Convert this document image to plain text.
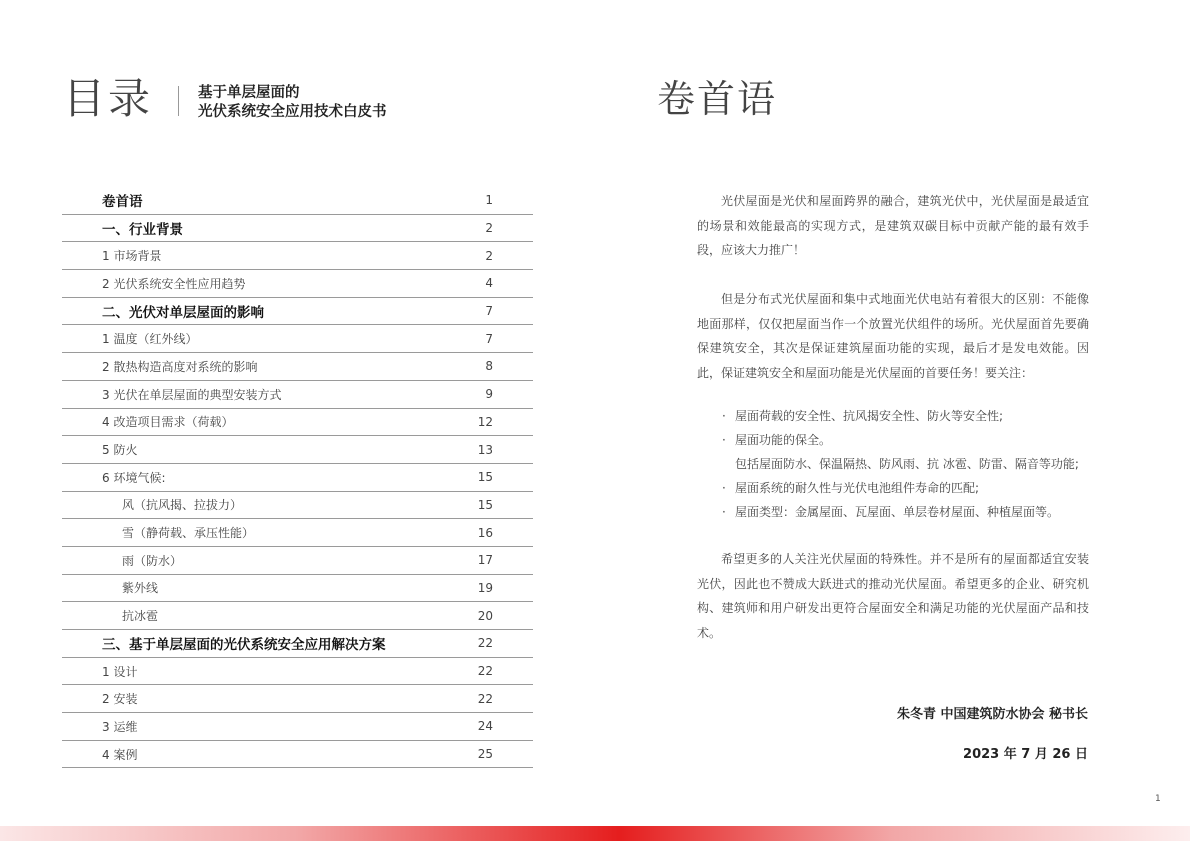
目录	基于单层屋面的
光伏系统安全应用技术白皮书
卷首语	1
一、行业背景	2
1 市场背景	2
2 光伏系统安全性应用趋势	4
二、光伏对单层屋面的影响	7
1 温度（红外线）	7
2 散热构造高度对系统的影响	8
3 光伏在单层屋面的典型安装方式	9
4 改造项目需求（荷载）	12
5 防火	13
6 环境气候:	15
风（抗风揭、拉拔力）	15
雪（静荷载、承压性能）	16
雨（防水）	17
紫外线	19
抗冰雹	20
三、基于单层屋面的光伏系统安全应用解决方案	22
1 设计	22
2 安装	22
3 运维	24
4 案例	25
卷首语

光伏屋面是光伏和屋面跨界的融合，建筑光伏中，光伏屋面是最适宜的场景和效能最高的实现方式，是建筑双碳目标中贡献产能的最有效手段，应该大力推广！

但是分布式光伏屋面和集中式地面光伏电站有着很大的区别：不能像地面那样，仅仅把屋面当作一个放置光伏组件的场所。光伏屋面首先要确保建筑安全，其次是保证建筑屋面功能的实现，最后才是发电效能。因此，保证建筑安全和屋面功能是光伏屋面的首要任务！要关注：

· 屋面荷载的安全性、抗风揭安全性、防火等安全性;
· 屋面功能的保全。
包括屋面防水、保温隔热、防风雨、抗 冰雹、防雷、隔音等功能;
· 屋面系统的耐久性与光伏电池组件寿命的匹配;
· 屋面类型：金属屋面、瓦屋面、单层卷材屋面、种植屋面等。

希望更多的人关注光伏屋面的特殊性。并不是所有的屋面都适宜安装光伏，因此也不赞成大跃进式的推动光伏屋面。希望更多的企业、研究机构、建筑师和用户研发出更符合屋面安全和满足功能的光伏屋面产品和技术。

朱冬青 中国建筑防水协会 秘书长
2023 年 7 月 26 日
1
